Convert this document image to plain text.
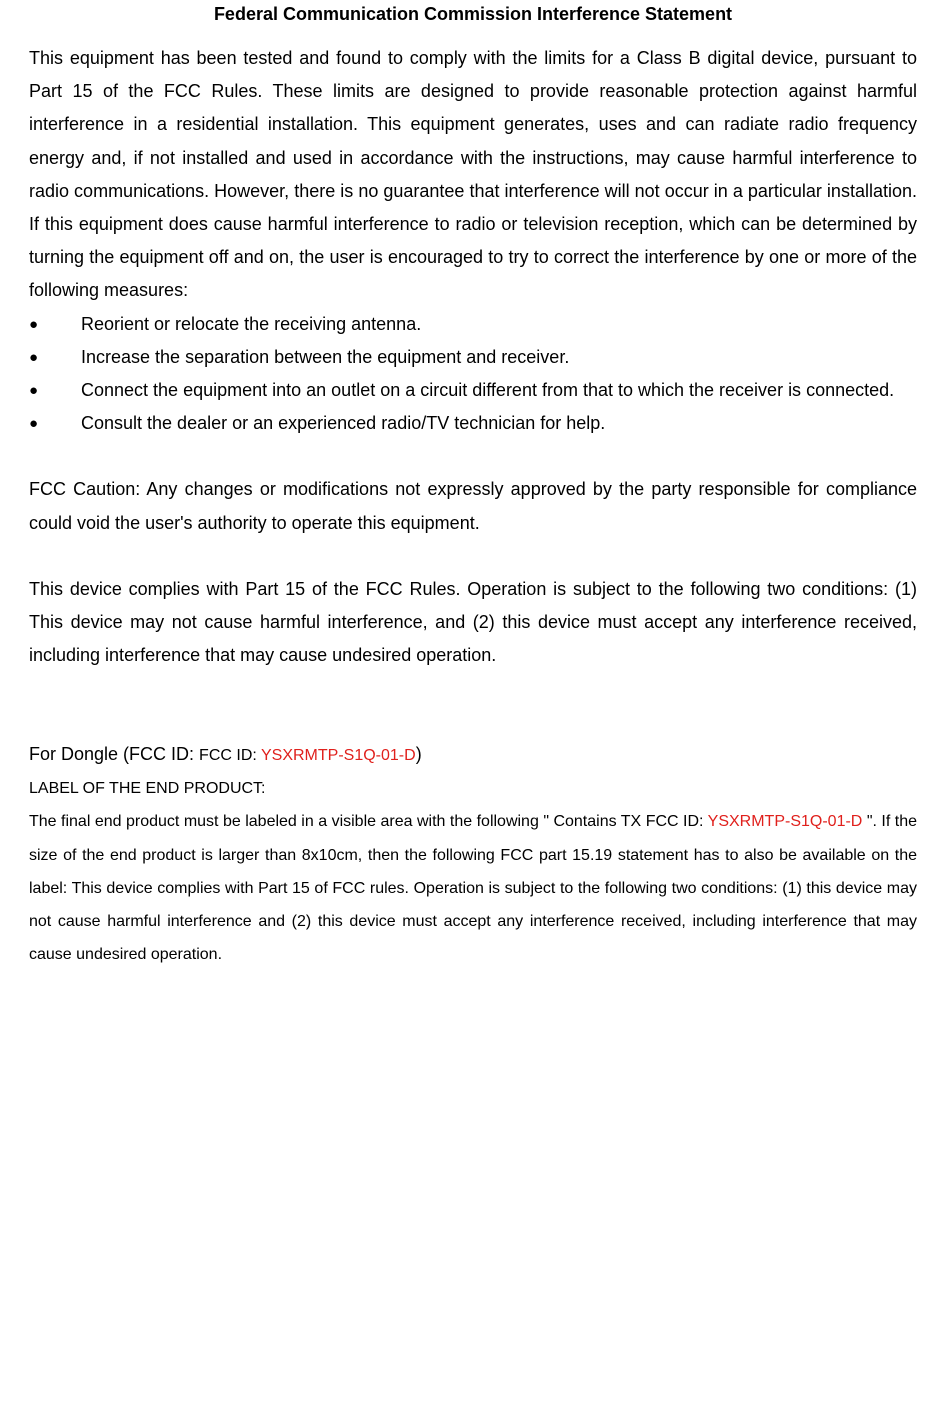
Federal Communication Commission Interference Statement

This equipment has been tested and found to comply with the limits for a Class B digital device, pursuant to Part 15 of the FCC Rules. These limits are designed to provide reasonable protection against harmful interference in a residential installation. This equipment generates, uses and can radiate radio frequency energy and, if not installed and used in accordance with the instructions, may cause harmful interference to radio communications. However, there is no guarantee that interference will not occur in a particular installation. If this equipment does cause harmful interference to radio or television reception, which can be determined by turning the equipment off and on, the user is encouraged to try to correct the interference by one or more of the following measures:

● Reorient or relocate the receiving antenna.
● Increase the separation between the equipment and receiver.
● Connect the equipment into an outlet on a circuit different from that to which the receiver is connected.
● Consult the dealer or an experienced radio/TV technician for help.

FCC Caution: Any changes or modifications not expressly approved by the party responsible for compliance could void the user's authority to operate this equipment.

This device complies with Part 15 of the FCC Rules. Operation is subject to the following two conditions: (1) This device may not cause harmful interference, and (2) this device must accept any interference received, including interference that may cause undesired operation.

For Dongle (FCC ID: FCC ID: YSXRMTP-S1Q-01-D)

LABEL OF THE END PRODUCT:

The final end product must be labeled in a visible area with the following " Contains TX FCC ID: YSXRMTP-S1Q-01-D ". If the size of the end product is larger than 8x10cm, then the following FCC part 15.19 statement has to also be available on the label: This device complies with Part 15 of FCC rules. Operation is subject to the following two conditions: (1) this device may not cause harmful interference and (2) this device must accept any interference received, including interference that may cause undesired operation.
